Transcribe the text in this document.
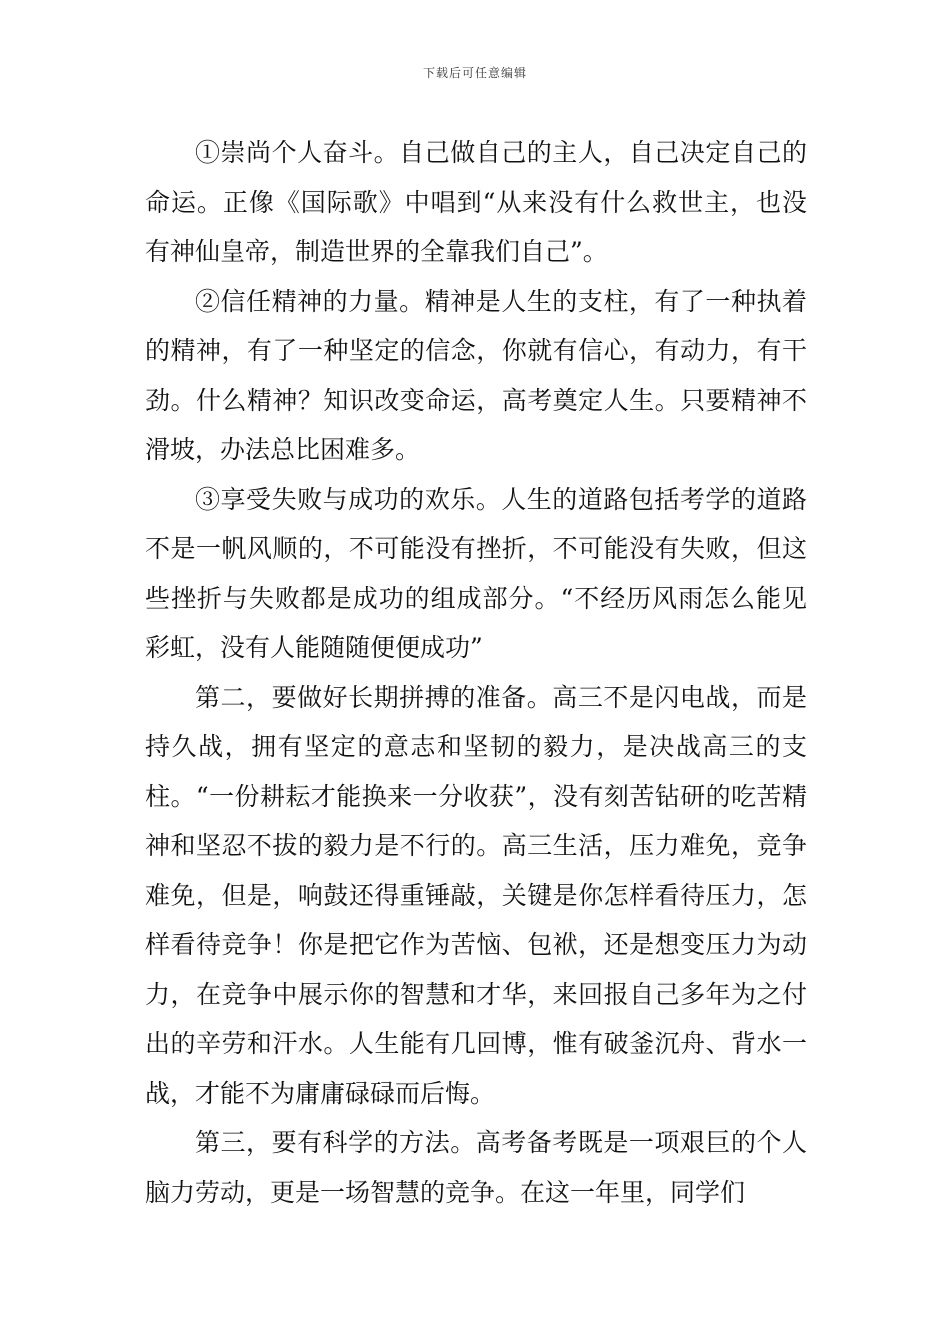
下载后可任意编辑

①崇尚个人奋斗。自己做自己的主人，自己决定自己的命运。正像《国际歌》中唱到“从来没有什么救世主，也没有神仙皇帝，制造世界的全靠我们自己”。

②信任精神的力量。精神是人生的支柱，有了一种执着的精神，有了一种坚定的信念，你就有信心，有动力，有干劲。什么精神？知识改变命运，高考奠定人生。只要精神不滑坡，办法总比困难多。

③享受失败与成功的欢乐。人生的道路包括考学的道路不是一帆风顺的，不可能没有挫折，不可能没有失败，但这些挫折与失败都是成功的组成部分。“不经历风雨怎么能见彩虹，没有人能随随便便成功”

第二，要做好长期拼搏的准备。高三不是闪电战，而是持久战，拥有坚定的意志和坚韧的毅力，是决战高三的支柱。“一份耕耘才能换来一分收获”，没有刻苦钻研的吃苦精神和坚忍不拔的毅力是不行的。高三生活，压力难免，竞争难免，但是，响鼓还得重锤敲，关键是你怎样看待压力，怎样看待竞争！你是把它作为苦恼、包袱，还是想变压力为动力，在竞争中展示你的智慧和才华，来回报自己多年为之付出的辛劳和汗水。人生能有几回博，惟有破釜沉舟、背水一战，才能不为庸庸碌碌而后悔。

第三，要有科学的方法。高考备考既是一项艰巨的个人脑力劳动，更是一场智慧的竞争。在这一年里，同学们
